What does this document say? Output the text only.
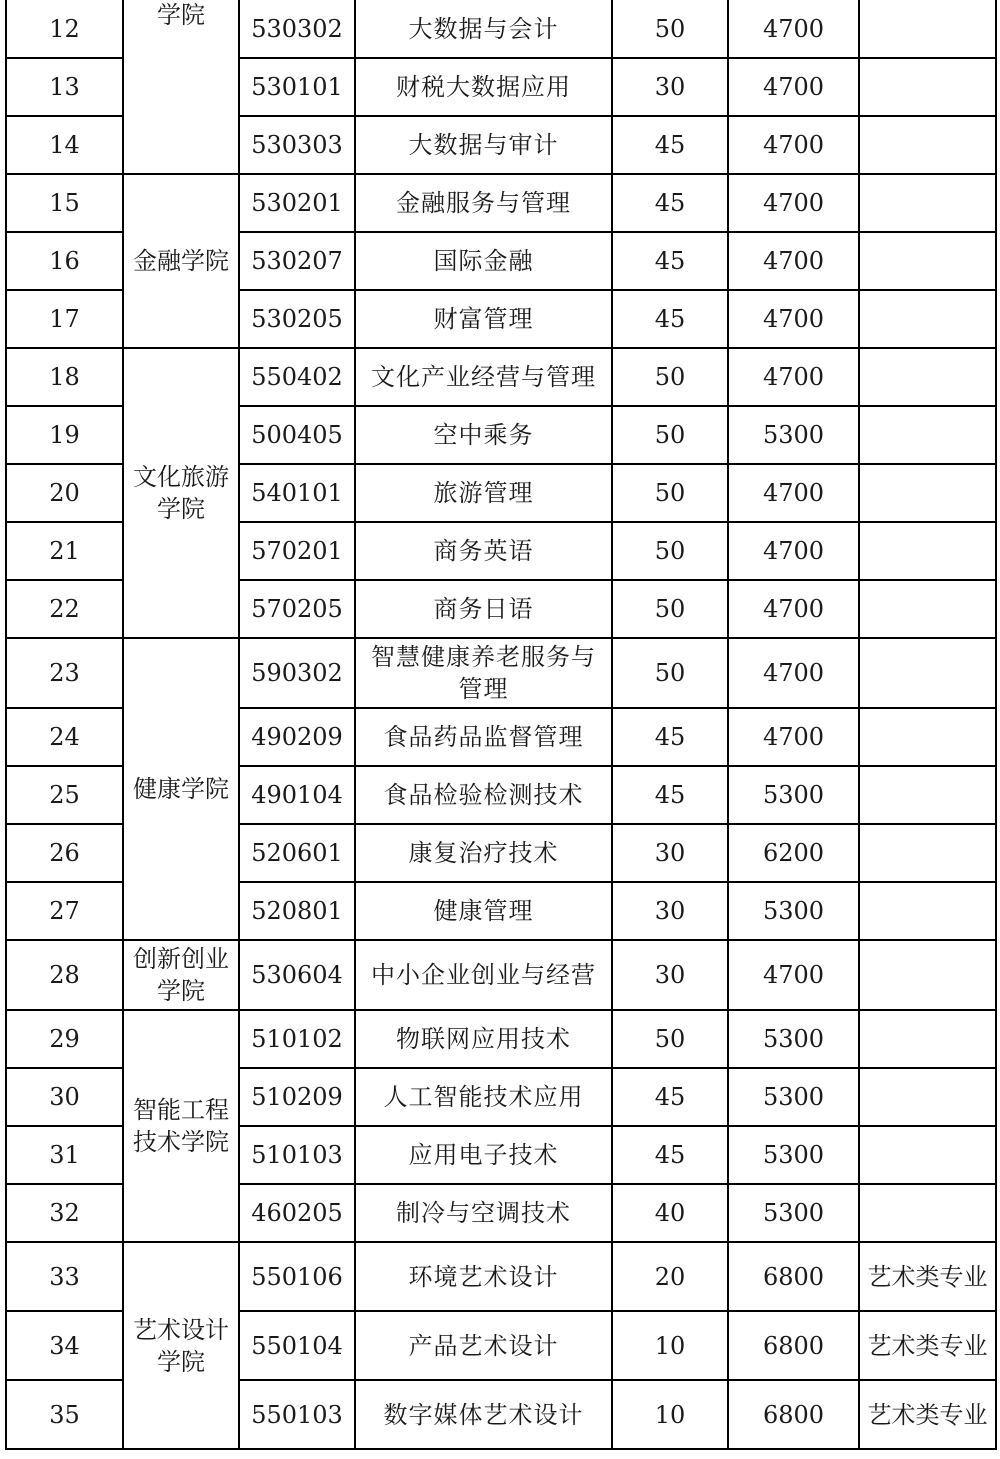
12	学院	530302	大数据与会计	50	4700	
13		530101	财税大数据应用	30	4700	
14		530303	大数据与审计	45	4700	
15	金融学院	530201	金融服务与管理	45	4700	
16		530207	国际金融	45	4700	
17		530205	财富管理	45	4700	
18	文化旅游学院	550402	文化产业经营与管理	50	4700	
19		500405	空中乘务	50	5300	
20		540101	旅游管理	50	4700	
21		570201	商务英语	50	4700	
22		570205	商务日语	50	4700	
23	健康学院	590302	智慧健康养老服务与管理	50	4700	
24		490209	食品药品监督管理	45	4700	
25		490104	食品检验检测技术	45	5300	
26		520601	康复治疗技术	30	6200	
27		520801	健康管理	30	5300	
28	创新创业学院	530604	中小企业创业与经营	30	4700	
29	智能工程技术学院	510102	物联网应用技术	50	5300	
30		510209	人工智能技术应用	45	5300	
31		510103	应用电子技术	45	5300	
32		460205	制冷与空调技术	40	5300	
33	艺术设计学院	550106	环境艺术设计	20	6800	艺术类专业
34		550104	产品艺术设计	10	6800	艺术类专业
35		550103	数字媒体艺术设计	10	6800	艺术类专业
